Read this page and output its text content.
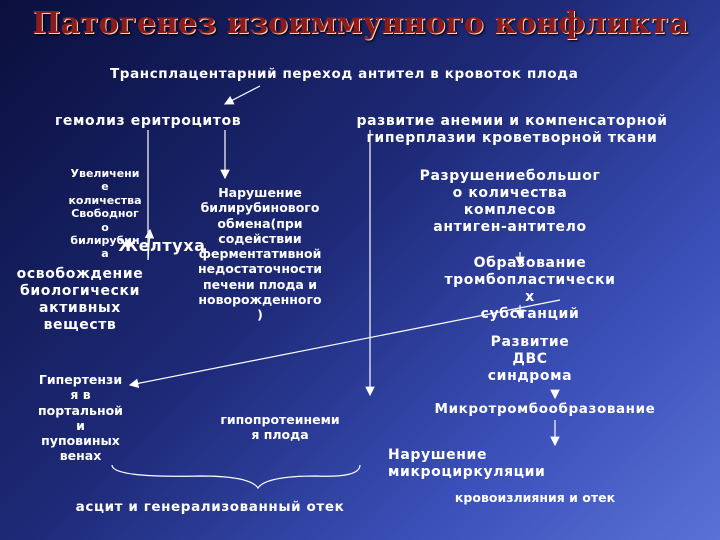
Патогенез изоиммунного конфликта
Трансплацентарний переход антител в кровоток плода
гемолиз еритроцитов	развитие анемии и компенсаторной
гиперплазии кроветворной ткани
Увеличени
е
количества
Свободног
о
билирубин
а Желтуха
Нарушение
билирубинового
обмена(при
содействии
ферментативной
недостаточности
печени плода и
новорожденного
)
Разрушениебольшог
о количества
комплесов
антиген-антитело
освобождение
биологически
активных
веществ
Образование
тромбопластически
х
субстанций
Развитие
ДВС
синдрома
Гипертензи
я в
портальной
и
пуповиных
венах
гипопротеинеми
я плода
Микротромбообразование
Нарушение
микроциркуляции
кровоизлияния и отек
асцит и генерализованный отек
